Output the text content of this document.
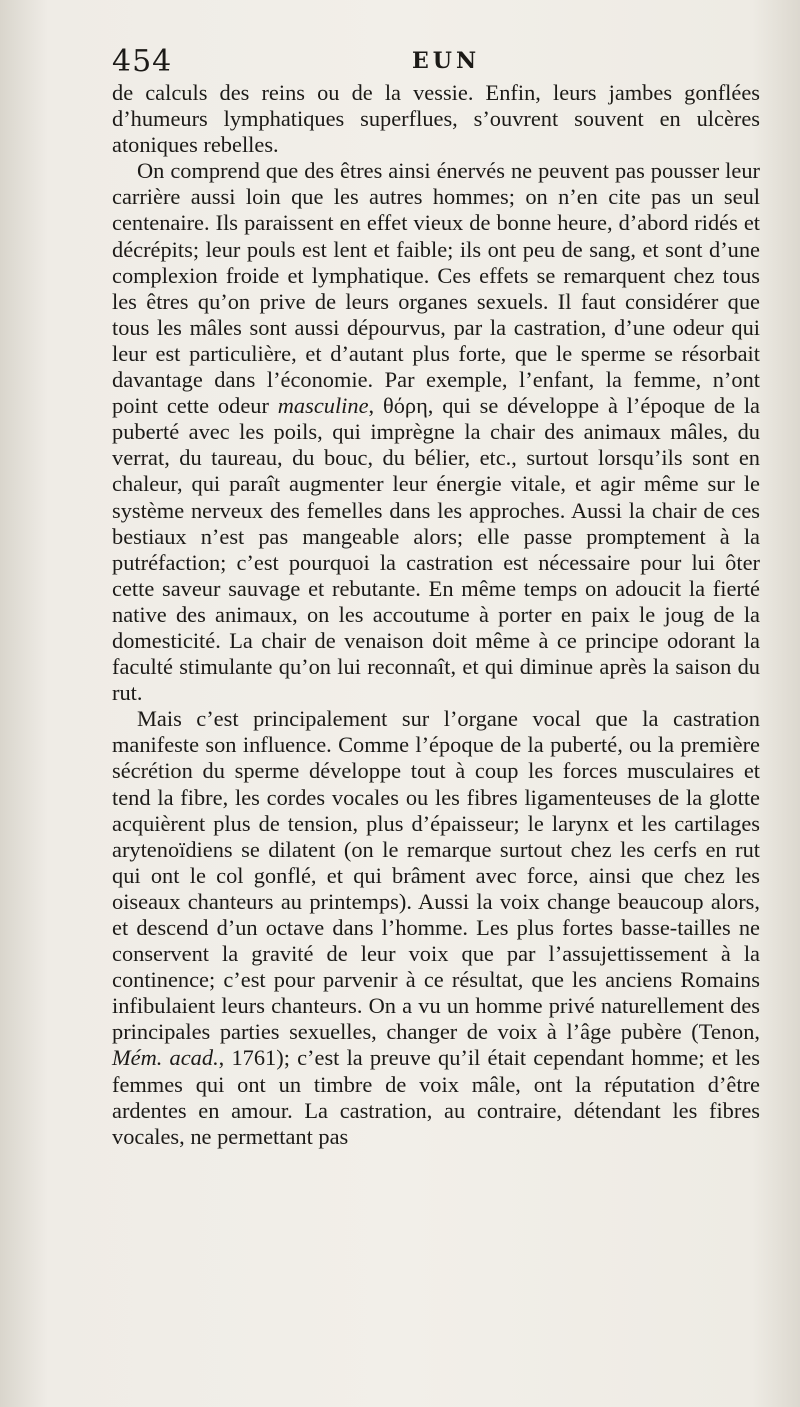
454	EUN

de calculs des reins ou de la vessie. Enfin, leurs jambes gonflées d’humeurs lymphatiques superflues, s’ouvrent souvent en ulcères atoniques rebelles.

On comprend que des êtres ainsi énervés ne peuvent pas pousser leur carrière aussi loin que les autres hommes; on n’en cite pas un seul centenaire. Ils paraissent en effet vieux de bonne heure, d’abord ridés et décrépits; leur pouls est lent et faible; ils ont peu de sang, et sont d’une complexion froide et lymphatique. Ces effets se remarquent chez tous les êtres qu’on prive de leurs organes sexuels. Il faut considérer que tous les mâles sont aussi dépourvus, par la castration, d’une odeur qui leur est particulière, et d’autant plus forte, que le sperme se résorbait davantage dans l’économie. Par exemple, l’enfant, la femme, n’ont point cette odeur masculine, θόρη, qui se développe à l’époque de la puberté avec les poils, qui imprègne la chair des animaux mâles, du verrat, du taureau, du bouc, du bélier, etc., surtout lorsqu’ils sont en chaleur, qui paraît augmenter leur énergie vitale, et agir même sur le système nerveux des femelles dans les approches. Aussi la chair de ces bestiaux n’est pas mangeable alors; elle passe promptement à la putréfaction; c’est pourquoi la castration est nécessaire pour lui ôter cette saveur sauvage et rebutante. En même temps on adoucit la fierté native des animaux, on les accoutume à porter en paix le joug de la domesticité. La chair de venaison doit même à ce principe odorant la faculté stimulante qu’on lui reconnaît, et qui diminue après la saison du rut.

Mais c’est principalement sur l’organe vocal que la castration manifeste son influence. Comme l’époque de la puberté, ou la première sécrétion du sperme développe tout à coup les forces musculaires et tend la fibre, les cordes vocales ou les fibres ligamenteuses de la glotte acquièrent plus de tension, plus d’épaisseur; le larynx et les cartilages arytenoïdiens se dilatent (on le remarque surtout chez les cerfs en rut qui ont le col gonflé, et qui brâment avec force, ainsi que chez les oiseaux chanteurs au printemps). Aussi la voix change beaucoup alors, et descend d’un octave dans l’homme. Les plus fortes basse-tailles ne conservent la gravité de leur voix que par l’assujettissement à la continence; c’est pour parvenir à ce résultat, que les anciens Romains infibulaient leurs chanteurs. On a vu un homme privé naturellement des principales parties sexuelles, changer de voix à l’âge pubère (Tenon, Mém. acad., 1761); c’est la preuve qu’il était cependant homme; et les femmes qui ont un timbre de voix mâle, ont la réputation d’être ardentes en amour. La castration, au contraire, détendant les fibres vocales, ne permettant pas
